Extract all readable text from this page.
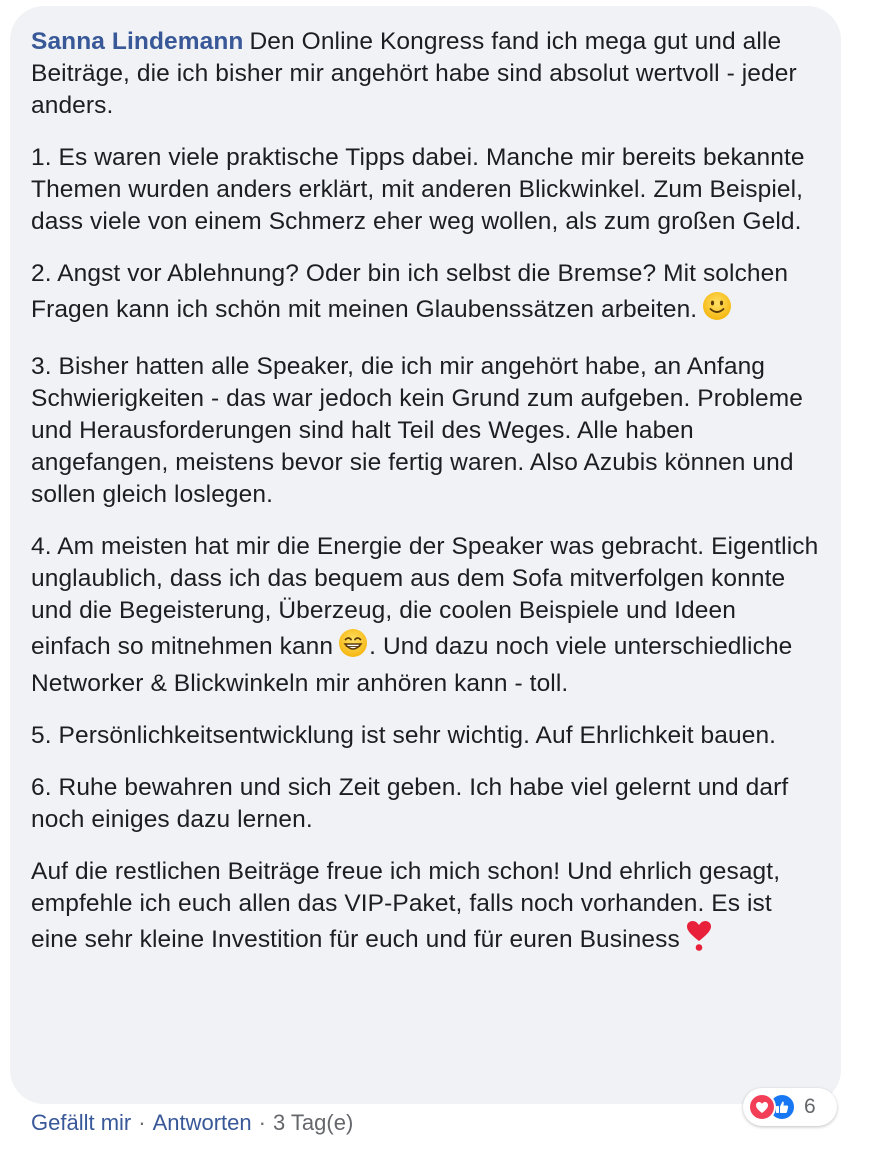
Sanna Lindemann Den Online Kongress fand ich mega gut und alle Beiträge, die ich bisher mir angehört habe sind absolut wertvoll - jeder anders.

1. Es waren viele praktische Tipps dabei. Manche mir bereits bekannte Themen wurden anders erklärt, mit anderen Blickwinkel. Zum Beispiel, dass viele von einem Schmerz eher weg wollen, als zum großen Geld.

2. Angst vor Ablehnung? Oder bin ich selbst die Bremse? Mit solchen Fragen kann ich schön mit meinen Glaubenssätzen arbeiten.

3. Bisher hatten alle Speaker, die ich mir angehört habe, an Anfang Schwierigkeiten - das war jedoch kein Grund zum aufgeben. Probleme und Herausforderungen sind halt Teil des Weges. Alle haben angefangen, meistens bevor sie fertig waren. Also Azubis können und sollen gleich loslegen.

4. Am meisten hat mir die Energie der Speaker was gebracht. Eigentlich unglaublich, dass ich das bequem aus dem Sofa mitverfolgen konnte und die Begeisterung, Überzeug, die coolen Beispiele und Ideen einfach so mitnehmen kann . Und dazu noch viele unterschiedliche Networker & Blickwinkeln mir anhören kann - toll.

5. Persönlichkeitsentwicklung ist sehr wichtig. Auf Ehrlichkeit bauen.

6. Ruhe bewahren und sich Zeit geben. Ich habe viel gelernt und darf noch einiges dazu lernen.

Auf die restlichen Beiträge freue ich mich schon! Und ehrlich gesagt, empfehle ich euch allen das VIP-Paket, falls noch vorhanden. Es ist eine sehr kleine Investition für euch und für euren Business

Gefällt mir · Antworten · 3 Tag(e)
6
